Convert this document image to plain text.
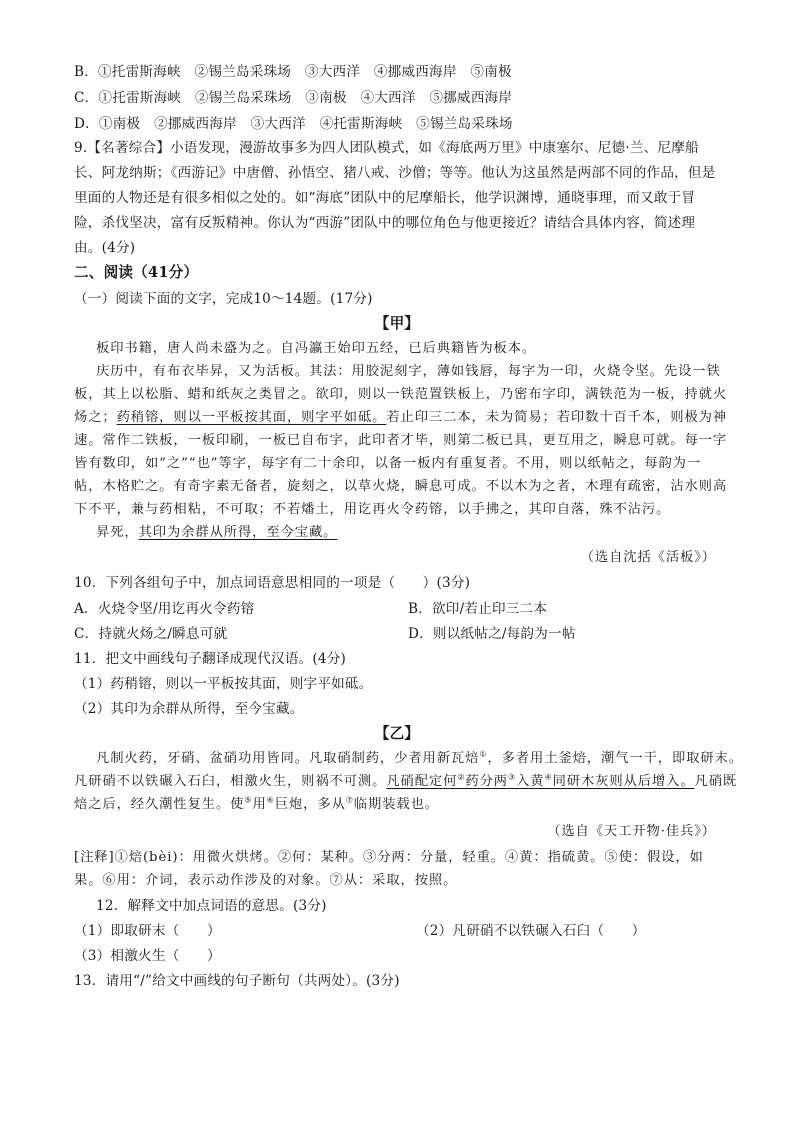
B．①托雷斯海峡　②锡兰岛采珠场　③大西洋　④挪威西海岸　⑤南极
C．①托雷斯海峡　②锡兰岛采珠场　③南极　④大西洋　⑤挪威西海岸
D．①南极　②挪威西海岸　③大西洋　④托雷斯海峡　⑤锡兰岛采珠场
9.【名著综合】小语发现，漫游故事多为四人团队模式，如《海底两万里》中康塞尔、尼德·兰、尼摩船
长、阿龙纳斯；《西游记》中唐僧、孙悟空、猪八戒、沙僧；等等。他认为这虽然是两部不同的作品，但是
里面的人物还是有很多相似之处的。如“海底”团队中的尼摩船长，他学识渊博，通晓事理，而又敢于冒
险，杀伐坚决，富有反叛精神。你认为“西游”团队中的哪位角色与他更接近？请结合具体内容，简述理
由。(4分)
二、阅读（41分）
（一）阅读下面的文字，完成10～14题。(17分)
【甲】
板印书籍，唐人尚未盛为之。自冯瀛王始印五经，已后典籍皆为板本。
庆历中，有布衣毕昇，又为活板。其法：用胶泥刻字，薄如钱唇，每字为一印，火烧令坚。先设一铁
板，其上以松脂、蜡和纸灰之类冒之。欲印，则以一铁范置铁板上，乃密布字印，满铁范为一板，持就火
炀之；药稍镕，则以一平板按其面，则字平如砥。若止印三二本，未为简易；若印数十百千本，则极为神
速。常作二铁板，一板印刷，一板已自布字，此印者才毕，则第二板已具，更互用之，瞬息可就。每一字
皆有数印，如“之”“也”等字，每字有二十余印，以备一板内有重复者。不用，则以纸帖之，每韵为一
帖，木格贮之。有奇字素无备者，旋刻之，以草火烧，瞬息可成。不以木为之者，木理有疏密，沾水则高
下不平，兼与药相粘，不可取；不若燔土，用讫再火令药镕，以手拂之，其印自落，殊不沾污。
昇死，其印为余群从所得，至今宝藏。
（选自沈括《活板》）
10．下列各组句子中，加点词语意思相同的一项是（　　）(3分)
A．火烧令坚/用讫再火令药镕	B．欲印/若止印三二本
C．持就火炀之/瞬息可就	D．则以纸帖之/每韵为一帖
11．把文中画线句子翻译成现代汉语。(4分)
（1）药稍镕，则以一平板按其面，则字平如砥。
（2）其印为余群从所得，至今宝藏。
【乙】
凡制火药，牙硝、盆硝功用皆同。凡取硝制药，少者用新瓦焙①，多者用土釜焙，潮气一干，即取研末。
凡研硝不以铁碾入石臼，相激火生，则祸不可测。凡硝配定何②药分两③入黄④同研木灰则从后增入。凡硝既
焙之后，经久潮性复生。使⑤用⑥巨炮，多从⑦临期装载也。
（选自《天工开物·佳兵》）
[注释]①焙(bèi)：用微火烘烤。②何：某种。③分两：分量，轻重。④黄：指硫黄。⑤使：假设，如
果。⑥用：介词，表示动作涉及的对象。⑦从：采取，按照。
12．解释文中加点词语的意思。(3分)
（1）即取研末（　　）	（2）凡研硝不以铁碾入石臼（　　）
（3）相激火生（　　）
13．请用“/”给文中画线的句子断句（共两处）。(3分)
